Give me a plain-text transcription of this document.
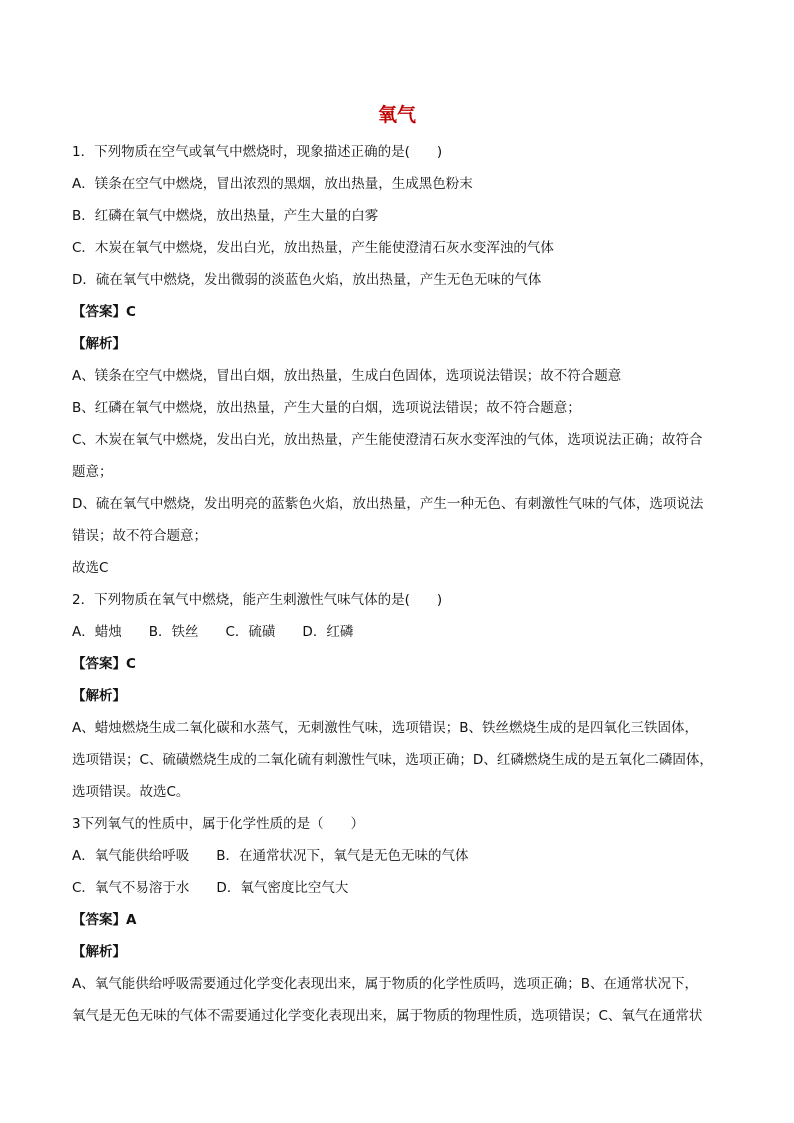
氧气
1．下列物质在空气或氧气中燃烧时，现象描述正确的是(　　)
A．镁条在空气中燃烧，冒出浓烈的黑烟，放出热量，生成黑色粉末
B．红磷在氧气中燃烧，放出热量，产生大量的白雾
C．木炭在氧气中燃烧，发出白光，放出热量，产生能使澄清石灰水变浑浊的气体
D．硫在氧气中燃烧，发出微弱的淡蓝色火焰，放出热量，产生无色无味的气体
【答案】C
【解析】
A、镁条在空气中燃烧，冒出白烟，放出热量，生成白色固体，选项说法错误；故不符合题意
B、红磷在氧气中燃烧，放出热量，产生大量的白烟，选项说法错误；故不符合题意；
C、木炭在氧气中燃烧，发出白光，放出热量，产生能使澄清石灰水变浑浊的气体，选项说法正确；故符合
题意；
D、硫在氧气中燃烧，发出明亮的蓝紫色火焰，放出热量，产生一种无色、有刺激性气味的气体，选项说法
错误；故不符合题意；
故选C
2．下列物质在氧气中燃烧，能产生刺激性气味气体的是(　　)
A．蜡烛　　B．铁丝　　C．硫磺　　D．红磷
【答案】C
【解析】
A、蜡烛燃烧生成二氧化碳和水蒸气，无刺激性气味，选项错误；B、铁丝燃烧生成的是四氧化三铁固体，
选项错误；C、硫磺燃烧生成的二氧化硫有刺激性气味，选项正确；D、红磷燃烧生成的是五氧化二磷固体，
选项错误。故选C。
3下列氧气的性质中，属于化学性质的是（　　）
A．氧气能供给呼吸　　B．在通常状况下，氧气是无色无味的气体
C．氧气不易溶于水　　D．氧气密度比空气大
【答案】A
【解析】
A、氧气能供给呼吸需要通过化学变化表现出来，属于物质的化学性质吗，选项正确；B、在通常状况下，
氧气是无色无味的气体不需要通过化学变化表现出来，属于物质的物理性质，选项错误；C、氧气在通常状
